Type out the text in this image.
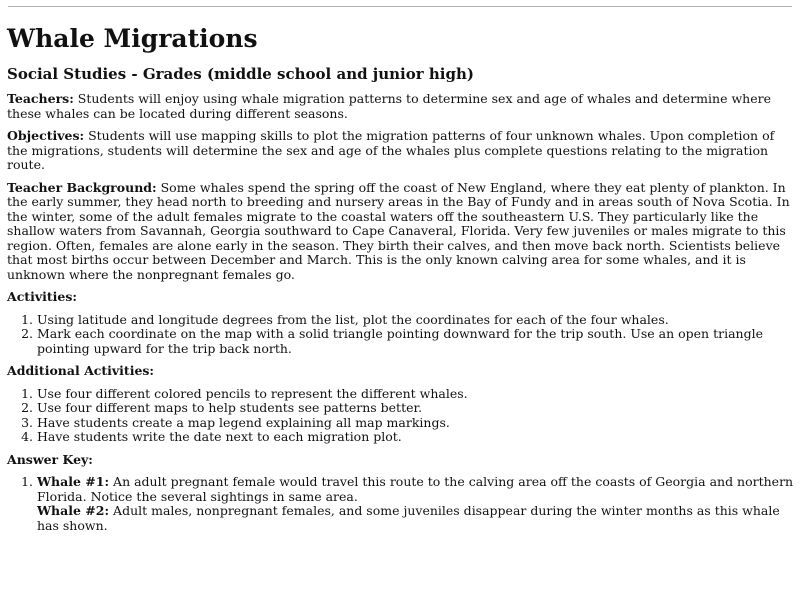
Whale Migrations
Social Studies - Grades (middle school and junior high)

Teachers: Students will enjoy using whale migration patterns to determine sex and age of whales and determine where these whales can be located during different seasons.

Objectives: Students will use mapping skills to plot the migration patterns of four unknown whales. Upon completion of the migrations, students will determine the sex and age of the whales plus complete questions relating to the migration route.

Teacher Background: Some whales spend the spring off the coast of New England, where they eat plenty of plankton. In the early summer, they head north to breeding and nursery areas in the Bay of Fundy and in areas south of Nova Scotia. In the winter, some of the adult females migrate to the coastal waters off the southeastern U.S. They particularly like the shallow waters from Savannah, Georgia southward to Cape Canaveral, Florida. Very few juveniles or males migrate to this region. Often, females are alone early in the season. They birth their calves, and then move back north. Scientists believe that most births occur between December and March. This is the only known calving area for some whales, and it is unknown where the nonpregnant females go.

Activities:
1. Using latitude and longitude degrees from the list, plot the coordinates for each of the four whales.
2. Mark each coordinate on the map with a solid triangle pointing downward for the trip south. Use an open triangle pointing upward for the trip back north.
Additional Activities:
1. Use four different colored pencils to represent the different whales.
2. Use four different maps to help students see patterns better.
3. Have students create a map legend explaining all map markings.
4. Have students write the date next to each migration plot.
Answer Key:
1. Whale #1: An adult pregnant female would travel this route to the calving area off the coasts of Georgia and northern Florida. Notice the several sightings in same area.
Whale #2: Adult males, nonpregnant females, and some juveniles disappear during the winter months as this whale has shown.
